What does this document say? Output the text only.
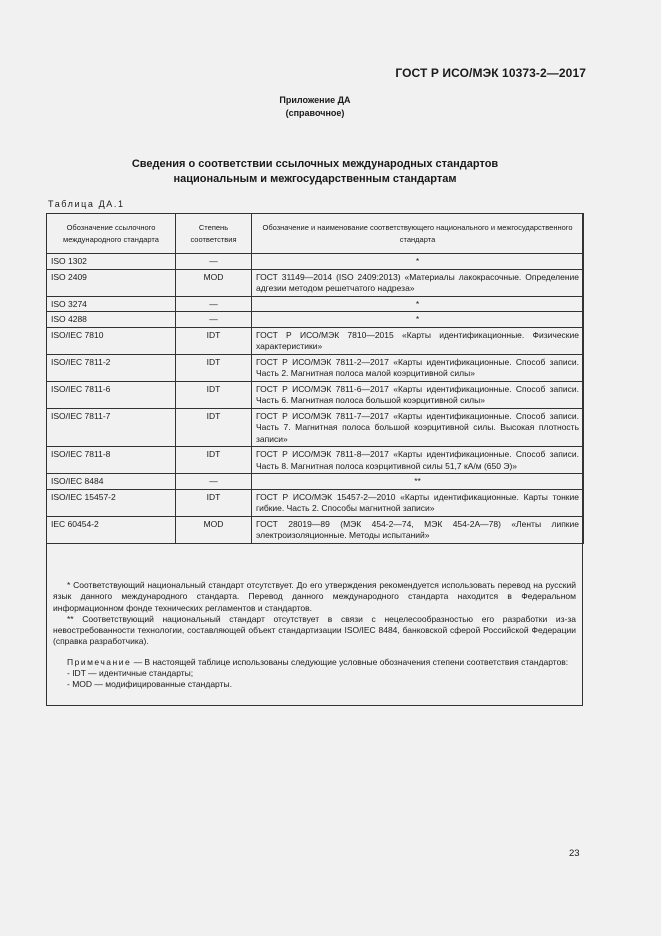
ГОСТ Р ИСО/МЭК 10373-2—2017
Приложение ДА
(справочное)
Сведения о соответствии ссылочных международных стандартов
национальным и межгосударственным стандартам
Таблица ДА.1
Обозначение ссылочного международного стандарта	Степень соответствия	Обозначение и наименование соответствующего национального и межгосударственного стандарта
ISO 1302	—	*
ISO 2409	MOD	ГОСТ 31149—2014 (ISO 2409:2013) «Материалы лакокрасочные. Определение адгезии методом решетчатого надреза»
ISO 3274	—	*
ISO 4288	—	*
ISO/IEC 7810	IDT	ГОСТ Р ИСО/МЭК 7810—2015 «Карты идентификационные. Физические характеристики»
ISO/IEC 7811-2	IDT	ГОСТ Р ИСО/МЭК 7811-2—2017 «Карты идентификационные. Способ записи. Часть 2. Магнитная полоса малой коэрцитивной силы»
ISO/IEC 7811-6	IDT	ГОСТ Р ИСО/МЭК 7811-6—2017 «Карты идентификационные. Способ записи. Часть 6. Магнитная полоса большой коэрцитивной силы»
ISO/IEC 7811-7	IDT	ГОСТ Р ИСО/МЭК 7811-7—2017 «Карты идентификационные. Способ записи. Часть 7. Магнитная полоса большой коэрцитивной силы. Высокая плотность записи»
ISO/IEC 7811-8	IDT	ГОСТ Р ИСО/МЭК 7811-8—2017 «Карты идентификационные. Способ записи. Часть 8. Магнитная полоса коэрцитивной силы 51,7 кА/м (650 Э)»
ISO/IEC 8484	—	**
ISO/IEC 15457-2	IDT	ГОСТ Р ИСО/МЭК 15457-2—2010 «Карты идентификационные. Карты тонкие гибкие. Часть 2. Способы магнитной записи»
IEC 60454-2	MOD	ГОСТ 28019—89 (МЭК 454-2—74, МЭК 454-2А—78) «Ленты липкие электроизоляционные. Методы испытаний»

* Соответствующий национальный стандарт отсутствует. До его утверждения рекомендуется использовать перевод на русский язык данного международного стандарта. Перевод данного международного стандарта находится в Федеральном информационном фонде технических регламентов и стандартов.

** Соответствующий национальный стандарт отсутствует в связи с нецелесообразностью его разработки из-за невостребованности технологии, составляющей объект стандартизации ISO/IEC 8484, банковской сферой Российской Федерации (справка разработчика).

Примечание — В настоящей таблице использованы следующие условные обозначения степени соответствия стандартов:

- IDT — идентичные стандарты;

- MOD — модифицированные стандарты.

23
